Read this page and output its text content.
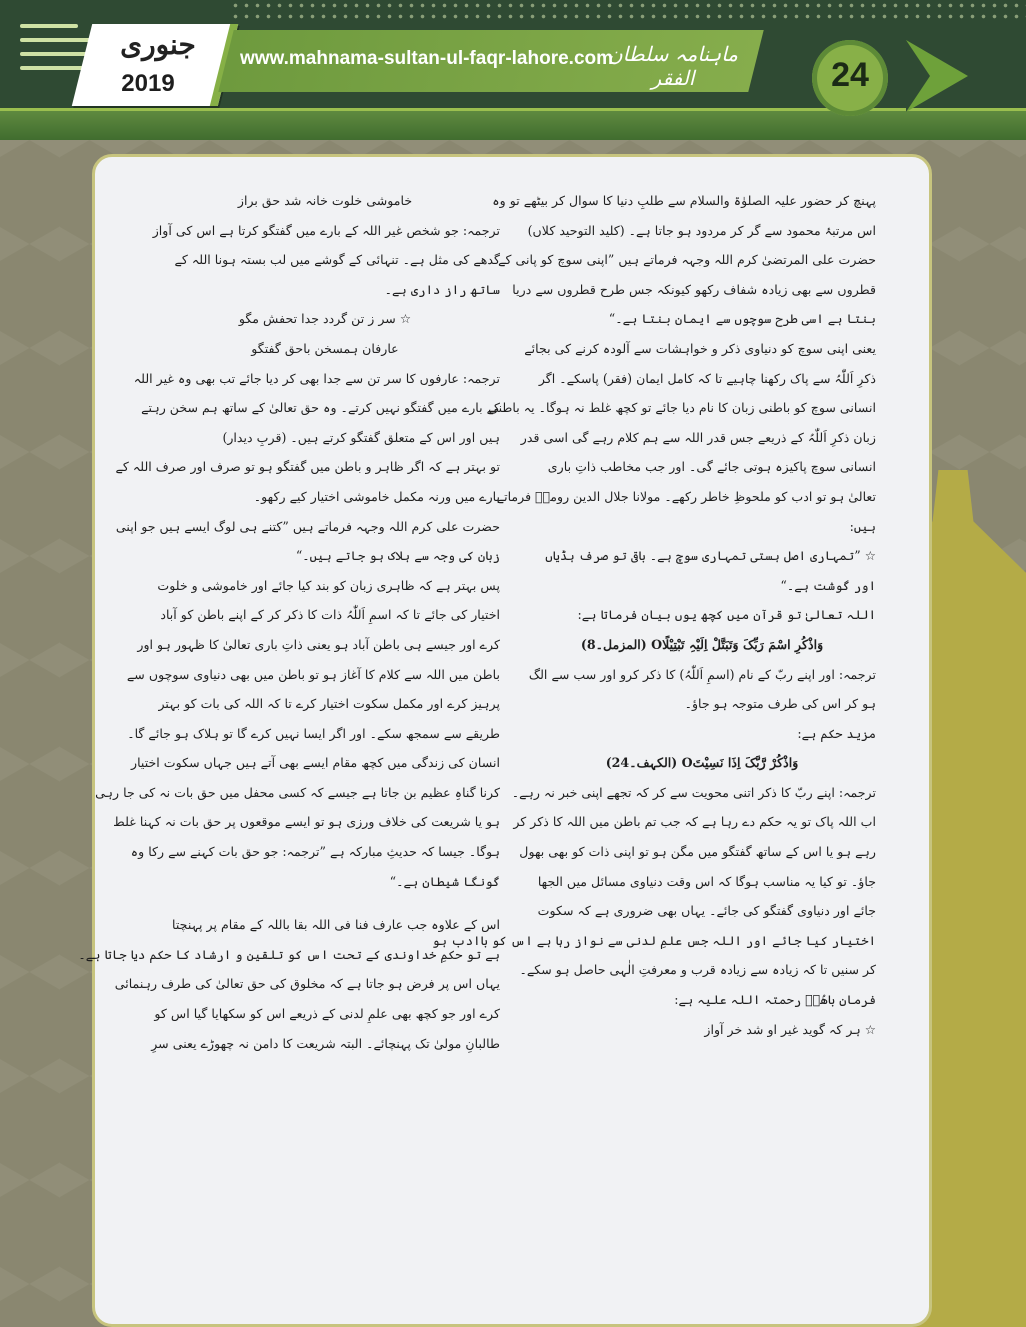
جنوری
2019
www.mahnama-sultan-ul-faqr-lahore.com
ماہنامہ سلطان الفقر	24

پہنچ کر حضور علیہ الصلوٰۃ والسلام سے طلبِ دنیا کا سوال کر بیٹھے تو وہ

اس مرتبۂ محمود سے گر کر مردود ہو جاتا ہے۔ (کلید التوحید کلاں)

حضرت علی المرتضیٰ کرم اللہ وجہہ فرماتے ہیں ”اپنی سوچ کو پانی کے

قطروں سے بھی زیادہ شفاف رکھو کیونکہ جس طرح قطروں سے دریا

بنتا ہے اسی طرح سوچوں سے ایمان بنتا ہے۔“

یعنی اپنی سوچ کو دنیاوی ذکر و خواہشات سے آلودہ کرنے کی بجائے

ذکرِ اَللّٰہُ سے پاک رکھنا چاہیے تا کہ کامل ایمان (فقر) پاسکے۔ اگر

انسانی سوچ کو باطنی زبان کا نام دیا جائے تو کچھ غلط نہ ہوگا۔ یہ باطنی

زبان ذکرِ اَللّٰہُ کے ذریعے جس قدر اللہ سے ہم کلام رہے گی اسی قدر

انسانی سوچ پاکیزہ ہوتی جائے گی۔ اور جب مخاطب ذاتِ باری

تعالیٰ ہو تو ادب کو ملحوظِ خاطر رکھے۔ مولانا جلال الدین رومیؒ فرماتے

ہیں:

☆ ”تمہاری اصل ہستی تمہاری سوچ ہے۔ باقی تو صرف ہڈیاں

اور گوشت ہے۔“

اللہ تعالیٰ تو قرآن میں کچھ یوں بیان فرماتا ہے:

وَاذْکُرِ اسْمَ رَبِّکَ وَتَبَتَّلْ اِلَیْہِ تَبْتِیْلًاO (المزمل۔8)

ترجمہ: اور اپنے ربّ کے نام (اسمِ اَللّٰہُ) کا ذکر کرو اور سب سے الگ

ہو کر اس کی طرف متوجہ ہو جاؤ۔

مزید حکم ہے:

وَاذْکُرْ رَّبَّکَ اِذَا نَسِیْتَO (الکہف۔24)

ترجمہ: اپنے ربّ کا ذکر اتنی محویت سے کر کہ تجھے اپنی خبر نہ رہے۔

اب اللہ پاک تو یہ حکم دے رہا ہے کہ جب تم باطن میں اللہ کا ذکر کر

رہے ہو یا اس کے ساتھ گفتگو میں مگن ہو تو اپنی ذات کو بھی بھول

جاؤ۔ تو کیا یہ مناسب ہوگا کہ اس وقت دنیاوی مسائل میں الجھا

جائے اور دنیاوی گفتگو کی جائے۔ یہاں بھی ضروری ہے کہ سکوت

اختیار کیا جائے اور اللہ جس علمِ لدنی سے نواز رہا ہے اس کو باادب ہو

کر سنیں تا کہ زیادہ سے زیادہ قرب و معرفتِ الٰہی حاصل ہو سکے۔

فرمانِ باھُوؒ رحمتہ اللہ علیہ ہے:

☆ ہر کہ گوید غیر او شد خر آواز

خاموشی خلوت خانہ شد حق براز

ترجمہ: جو شخص غیر اللہ کے بارے میں گفتگو کرتا ہے اس کی آواز

گدھے کی مثل ہے۔ تنہائی کے گوشے میں لب بستہ ہونا اللہ کے

ساتھ راز داری ہے۔

☆ سر ز تن گردد جدا تحفش مگو

عارفان ہمسخن باحق گفتگو

ترجمہ: عارفوں کا سر تن سے جدا بھی کر دیا جائے تب بھی وہ غیر اللہ

کے بارے میں گفتگو نہیں کرتے۔ وہ حق تعالیٰ کے ساتھ ہم سخن رہتے

ہیں اور اس کے متعلق گفتگو کرتے ہیں۔ (قربِ دیدار)

تو بہتر ہے کہ اگر ظاہر و باطن میں گفتگو ہو تو صرف اور صرف اللہ کے

بارے میں ورنہ مکمل خاموشی اختیار کیے رکھو۔

حضرت علی کرم اللہ وجہہ فرماتے ہیں ”کتنے ہی لوگ ایسے ہیں جو اپنی

زبان کی وجہ سے ہلاک ہو جاتے ہیں۔“

پس بہتر ہے کہ ظاہری زبان کو بند کیا جائے اور خاموشی و خلوت

اختیار کی جائے تا کہ اسمِ اَللّٰہُ ذات کا ذکر کر کے اپنے باطن کو آباد

کرے اور جیسے ہی باطن آباد ہو یعنی ذاتِ باری تعالیٰ کا ظہور ہو اور

باطن میں اللہ سے کلام کا آغاز ہو تو باطن میں بھی دنیاوی سوچوں سے

پرہیز کرے اور مکمل سکوت اختیار کرے تا کہ اللہ کی بات کو بہتر

طریقے سے سمجھ سکے۔ اور اگر ایسا نہیں کرے گا تو ہلاک ہو جائے گا۔

انسان کی زندگی میں کچھ مقام ایسے بھی آتے ہیں جہاں سکوت اختیار

کرنا گناہِ عظیم بن جاتا ہے جیسے کہ کسی محفل میں حق بات نہ کی جا رہی

ہو یا شریعت کی خلاف ورزی ہو تو ایسے موقعوں پر حق بات نہ کہنا غلط

ہوگا۔ جیسا کہ حدیثِ مبارکہ ہے ”ترجمہ: جو حق بات کہنے سے رکا وہ

گونگا شیطان ہے۔“

اس کے علاوہ جب عارف فنا فی اللہ بقا باللہ کے مقام پر پہنچتا

ہے تو حکمِ خداوندی کے تحت اس کو تلقین و ارشاد کا حکم دیا جاتا ہے۔

یہاں اس پر فرض ہو جاتا ہے کہ مخلوق کی حق تعالیٰ کی طرف رہنمائی

کرے اور جو کچھ بھی علمِ لدنی کے ذریعے اس کو سکھایا گیا اس کو

طالبانِ مولیٰ تک پہنچائے۔ البتہ شریعت کا دامن نہ چھوڑے یعنی سرِ
